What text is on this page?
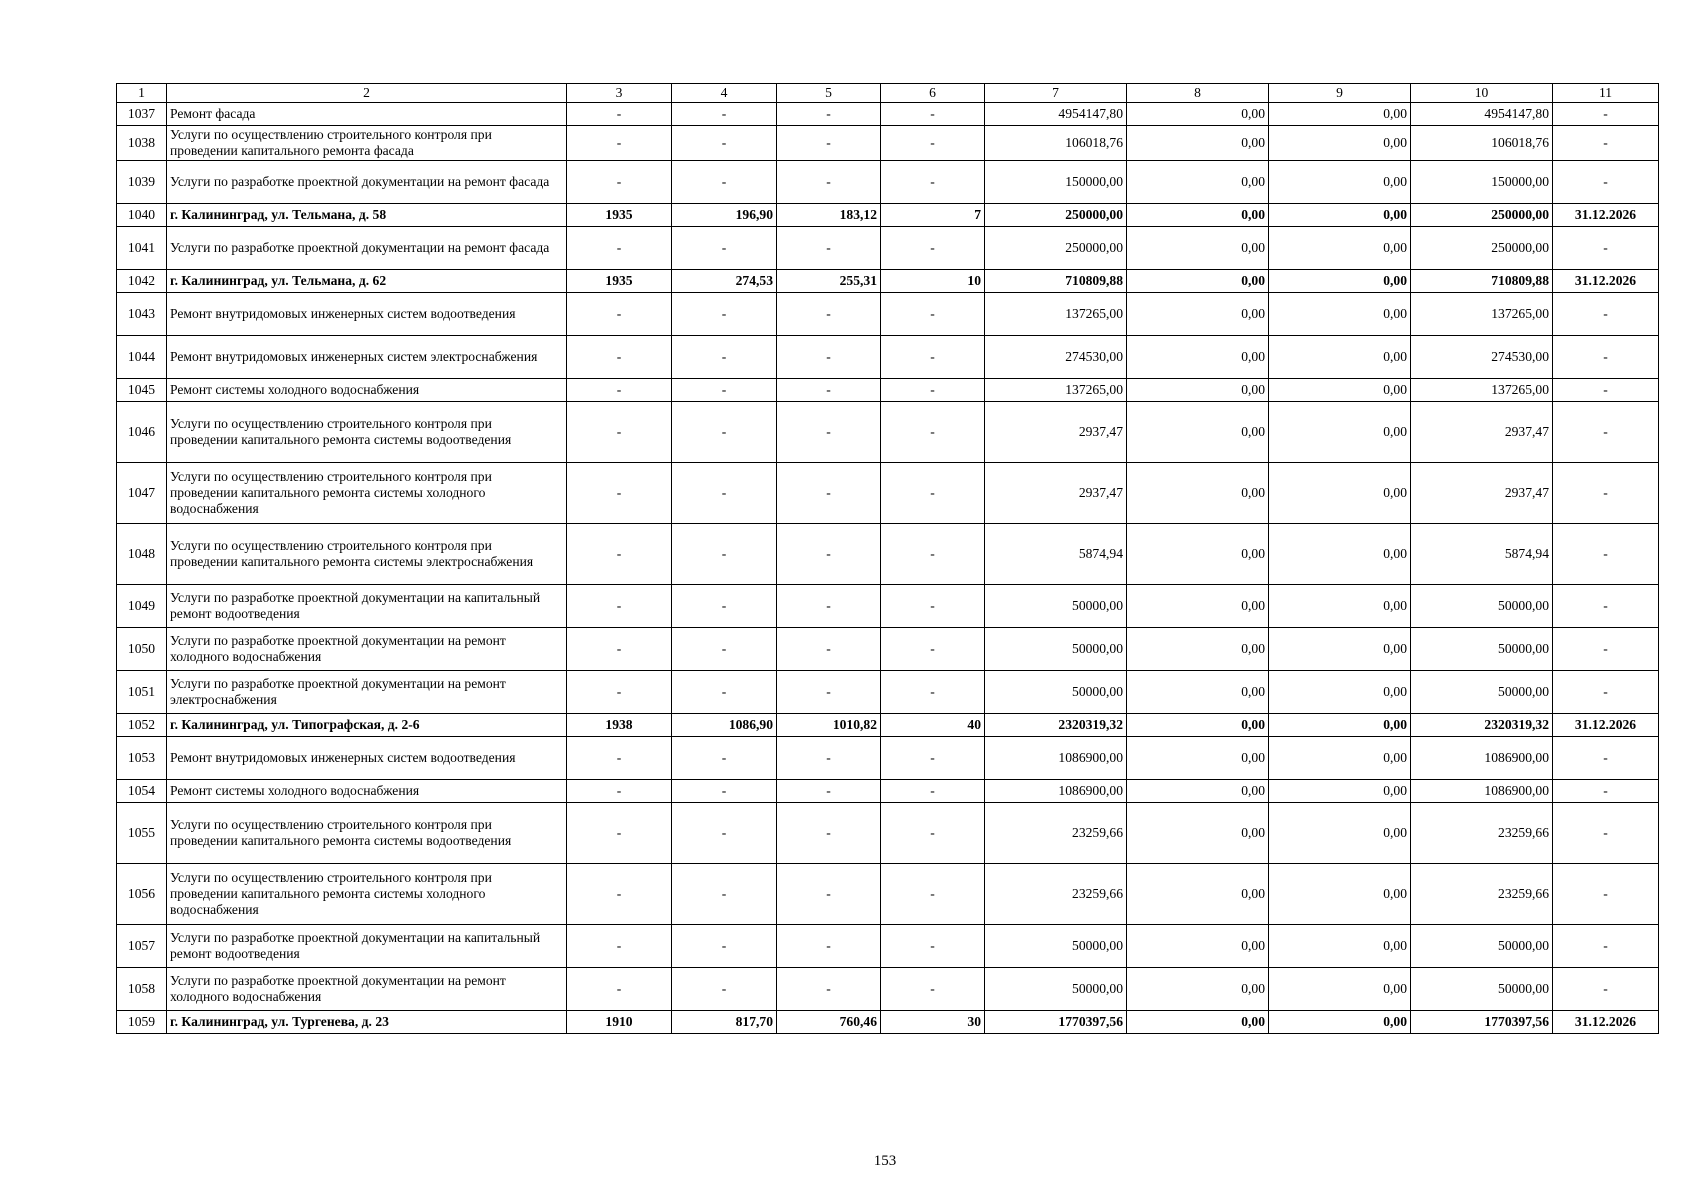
1	2	3	4	5	6	7	8	9	10	11
1037	Ремонт фасада	-	-	-	-	4954147,80	0,00	0,00	4954147,80	-
1038	Услуги по осуществлению строительного контроля при проведении капитального ремонта фасада	-	-	-	-	106018,76	0,00	0,00	106018,76	-
1039	Услуги по разработке проектной документации на ремонт фасада	-	-	-	-	150000,00	0,00	0,00	150000,00	-
1040	г. Калининград, ул. Тельмана, д. 58	1935	196,90	183,12	7	250000,00	0,00	0,00	250000,00	31.12.2026
1041	Услуги по разработке проектной документации на ремонт фасада	-	-	-	-	250000,00	0,00	0,00	250000,00	-
1042	г. Калининград, ул. Тельмана, д. 62	1935	274,53	255,31	10	710809,88	0,00	0,00	710809,88	31.12.2026
1043	Ремонт внутридомовых инженерных систем водоотведения	-	-	-	-	137265,00	0,00	0,00	137265,00	-
1044	Ремонт внутридомовых инженерных систем электроснабжения	-	-	-	-	274530,00	0,00	0,00	274530,00	-
1045	Ремонт системы холодного водоснабжения	-	-	-	-	137265,00	0,00	0,00	137265,00	-
1046	Услуги по осуществлению строительного контроля при проведении капитального ремонта системы водоотведения	-	-	-	-	2937,47	0,00	0,00	2937,47	-
1047	Услуги по осуществлению строительного контроля при проведении капитального ремонта системы холодного водоснабжения	-	-	-	-	2937,47	0,00	0,00	2937,47	-
1048	Услуги по осуществлению строительного контроля при проведении капитального ремонта системы электроснабжения	-	-	-	-	5874,94	0,00	0,00	5874,94	-
1049	Услуги по разработке проектной документации на капитальный ремонт водоотведения	-	-	-	-	50000,00	0,00	0,00	50000,00	-
1050	Услуги по разработке проектной документации на ремонт холодного водоснабжения	-	-	-	-	50000,00	0,00	0,00	50000,00	-
1051	Услуги по разработке проектной документации на ремонт электроснабжения	-	-	-	-	50000,00	0,00	0,00	50000,00	-
1052	г. Калининград, ул. Типографская, д. 2-6	1938	1086,90	1010,82	40	2320319,32	0,00	0,00	2320319,32	31.12.2026
1053	Ремонт внутридомовых инженерных систем водоотведения	-	-	-	-	1086900,00	0,00	0,00	1086900,00	-
1054	Ремонт системы холодного водоснабжения	-	-	-	-	1086900,00	0,00	0,00	1086900,00	-
1055	Услуги по осуществлению строительного контроля при проведении капитального ремонта системы водоотведения	-	-	-	-	23259,66	0,00	0,00	23259,66	-
1056	Услуги по осуществлению строительного контроля при проведении капитального ремонта системы холодного водоснабжения	-	-	-	-	23259,66	0,00	0,00	23259,66	-
1057	Услуги по разработке проектной документации на капитальный ремонт водоотведения	-	-	-	-	50000,00	0,00	0,00	50000,00	-
1058	Услуги по разработке проектной документации на ремонт холодного водоснабжения	-	-	-	-	50000,00	0,00	0,00	50000,00	-
1059	г. Калининград, ул. Тургенева, д. 23	1910	817,70	760,46	30	1770397,56	0,00	0,00	1770397,56	31.12.2026
153
